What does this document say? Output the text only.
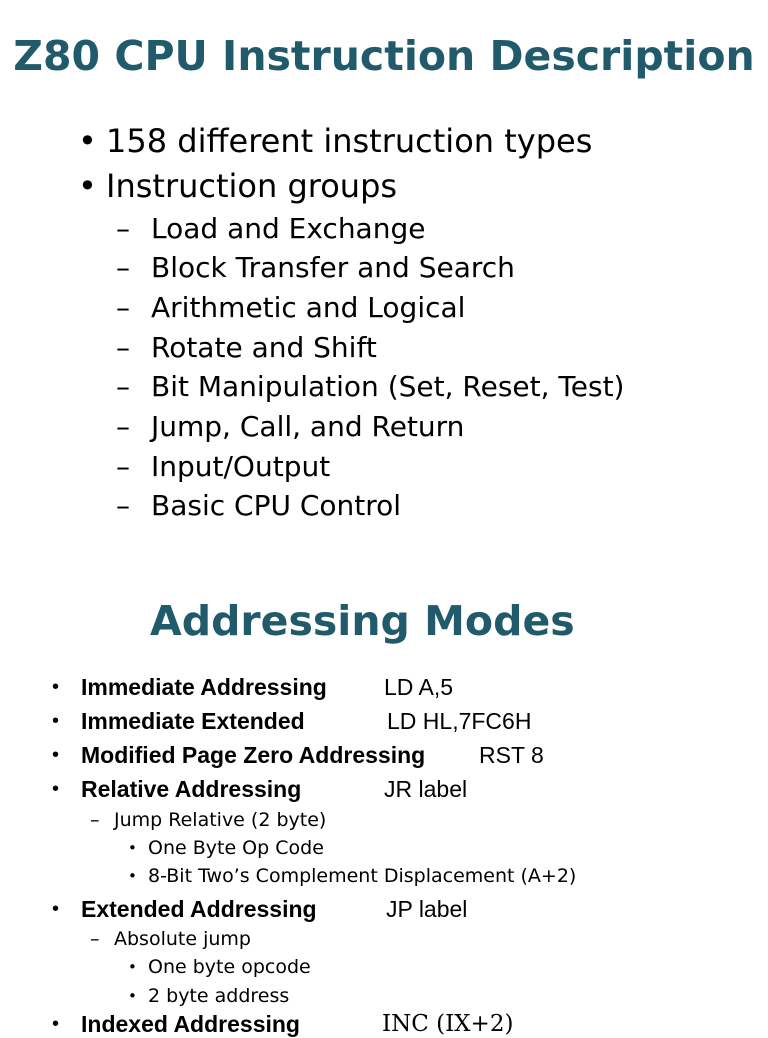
Z80 CPU Instruction Description
• 158 different instruction types
• Instruction groups
– Load and Exchange
– Block Transfer and Search
– Arithmetic and Logical
– Rotate and Shift
– Bit Manipulation (Set, Reset, Test)
– Jump, Call, and Return
– Input/Output
– Basic CPU Control
Addressing Modes
• Immediate Addressing LD A,5
• Immediate Extended	LD HL,7FC6H
• Modified Page Zero Addressing RST 8
• Relative Addressing	JR label
– Jump Relative (2 byte)
• One Byte Op Code
• 8-Bit Two’s Complement Displacement (A+2)
• Extended Addressing	JP label
– Absolute jump
• One byte opcode
• 2 byte address
• Indexed Addressing	INC (IX+2)
